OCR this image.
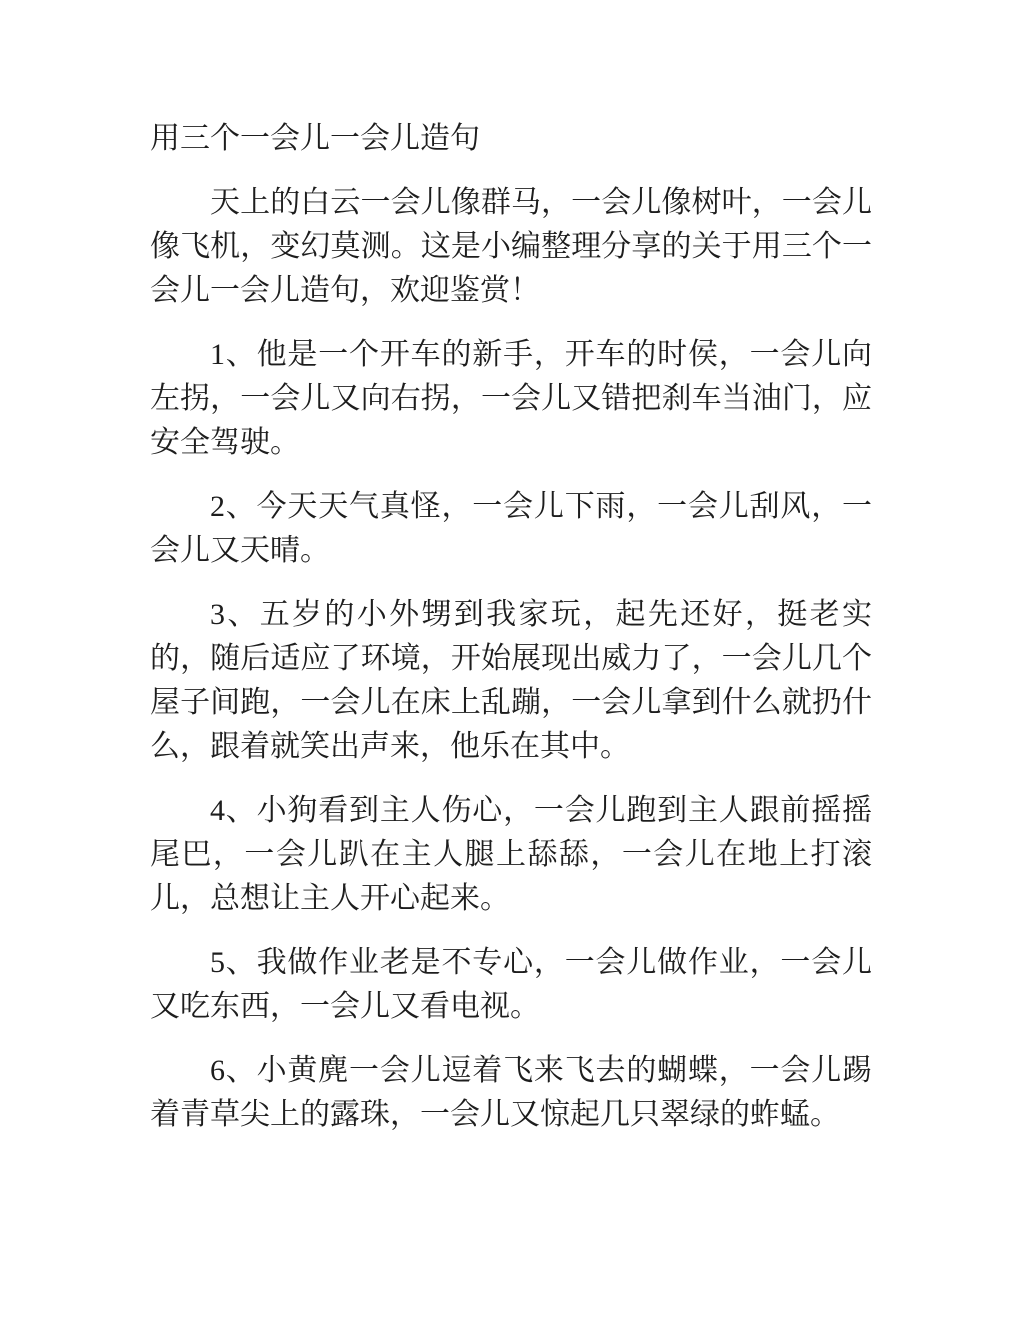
用三个一会儿一会儿造句

天上的白云一会儿像群马，一会儿像树叶，一会儿像飞机，变幻莫测。这是小编整理分享的关于用三个一会儿一会儿造句，欢迎鉴赏！

1、他是一个开车的新手，开车的时侯，一会儿向左拐，一会儿又向右拐，一会儿又错把刹车当油门，应安全驾驶。

2、今天天气真怪，一会儿下雨，一会儿刮风，一会儿又天晴。

3、五岁的小外甥到我家玩，起先还好，挺老实的，随后适应了环境，开始展现出威力了，一会儿几个屋子间跑，一会儿在床上乱蹦，一会儿拿到什么就扔什么，跟着就笑出声来，他乐在其中。

4、小狗看到主人伤心，一会儿跑到主人跟前摇摇尾巴，一会儿趴在主人腿上舔舔，一会儿在地上打滚儿，总想让主人开心起来。

5、我做作业老是不专心，一会儿做作业，一会儿又吃东西，一会儿又看电视。

6、小黄麂一会儿逗着飞来飞去的蝴蝶，一会儿踢着青草尖上的露珠，一会儿又惊起几只翠绿的蚱蜢。
